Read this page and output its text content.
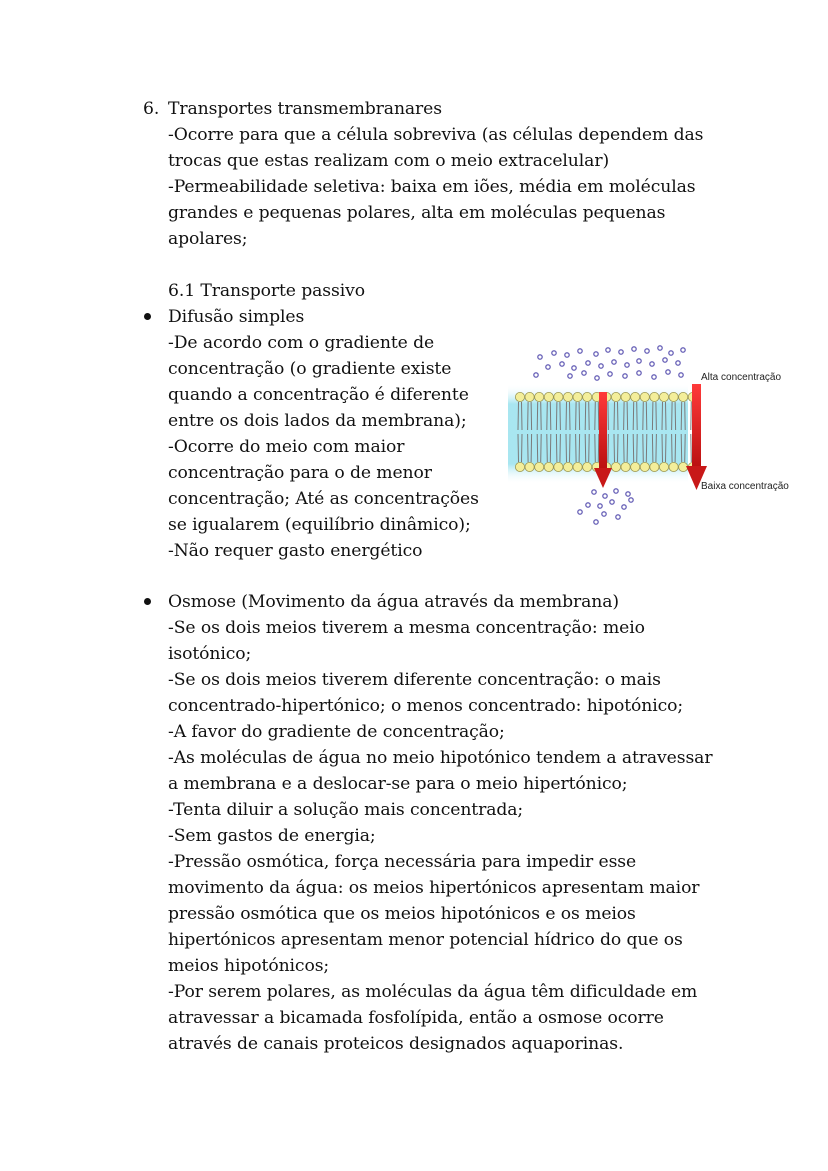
6. Transportes transmembranares
-Ocorre para que a célula sobreviva (as células dependem das
trocas que estas realizam com o meio extracelular)
-Permeabilidade seletiva: baixa em iões, média em moléculas
grandes e pequenas polares, alta em moléculas pequenas
apolares;
6.1 Transporte passivo
Difusão simples
-De acordo com o gradiente de
concentração (o gradiente existe
quando a concentração é diferente
entre os dois lados da membrana);
-Ocorre do meio com maior
concentração para o de menor
concentração; Até as concentrações
se igualarem (equilíbrio dinâmico);
-Não requer gasto energético
Alta concentração
Baixa concentração
Osmose (Movimento da água através da membrana)
-Se os dois meios tiverem a mesma concentração: meio
isotónico;
-Se os dois meios tiverem diferente concentração: o mais
concentrado-hipertónico; o menos concentrado: hipotónico;
-A favor do gradiente de concentração;
-As moléculas de água no meio hipotónico tendem a atravessar
a membrana e a deslocar-se para o meio hipertónico;
-Tenta diluir a solução mais concentrada;
-Sem gastos de energia;
-Pressão osmótica, força necessária para impedir esse
movimento da água: os meios hipertónicos apresentam maior
pressão osmótica que os meios hipotónicos e os meios
hipertónicos apresentam menor potencial hídrico do que os
meios hipotónicos;
-Por serem polares, as moléculas da água têm dificuldade em
atravessar a bicamada fosfolípida, então a osmose ocorre
através de canais proteicos designados aquaporinas.
